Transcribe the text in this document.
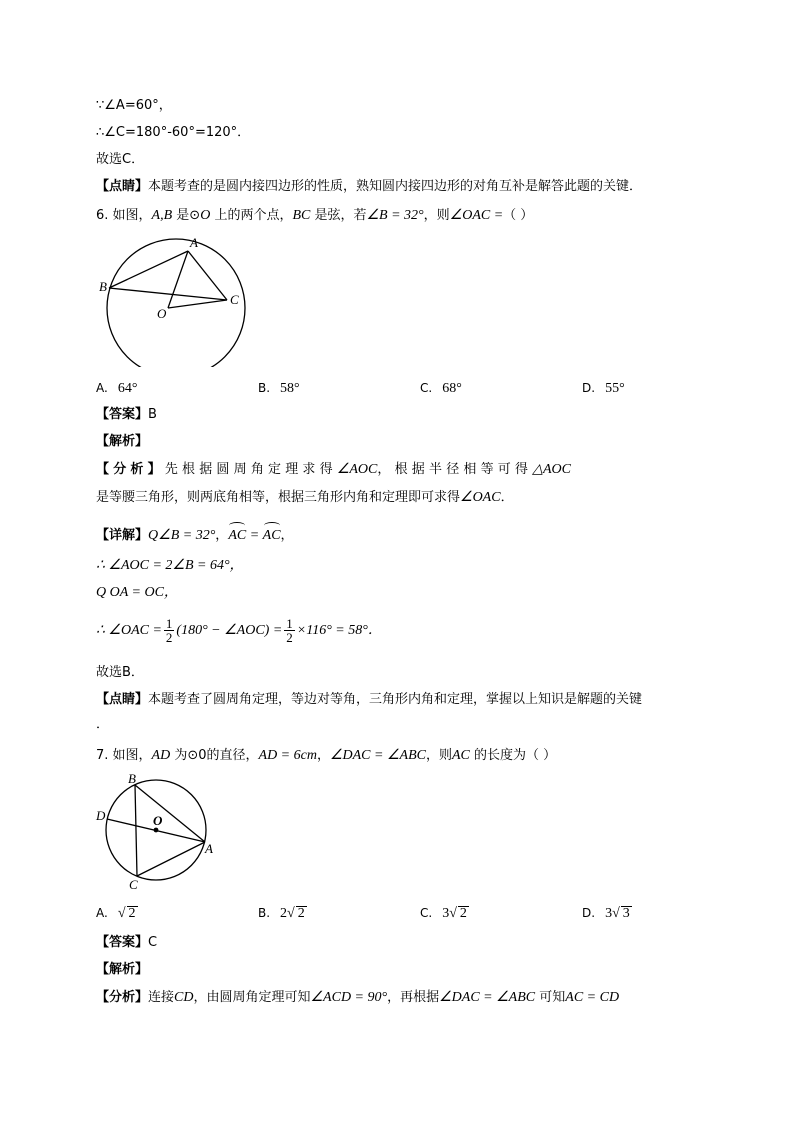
∵∠A=60°，
∴∠C=180°-60°=120°．
故选C．
【点睛】本题考查的是圆内接四边形的性质，熟知圆内接四边形的对角互补是解答此题的关键．
6. 如图，A,B 是⊙O 上的两个点，BC 是弦，若∠B = 32°，则∠OAC =（ ）
A
B
C
O
A. 64°	B. 58°	C. 68°	D. 55°
【答案】B
【解析】
【分析】先根据圆周角定理求得∠AOC，根据半径相等可得△AOC
是等腰三角形，则两底角相等，根据三角形内角和定理即可求得∠OAC．
【详解】Q∠B = 32°，AC = AC，
∴ ∠AOC = 2∠B = 64°，
Q OA = OC，
∴ ∠OAC = $\frac{1}{2} (180^\circ$ − ∠AOC) = $\frac{1}{2} \times 116^\circ = 58^\circ$．
故选B．
【点睛】本题考查了圆周角定理，等边对等角，三角形内角和定理，掌握以上知识是解题的关键
．
7. 如图，AD 为⊙0的直径，AD = 6cm，∠DAC = ∠ABC，则AC 的长度为（ ）
B
D	O
A
C
A. √ 2	B. 2√ 2	C. 3√ 2	D. 3√ 3
【答案】C
【解析】
【分析】连接CD，由圆周角定理可知∠ACD = 90°，再根据∠DAC = ∠ABC 可知AC = CD
